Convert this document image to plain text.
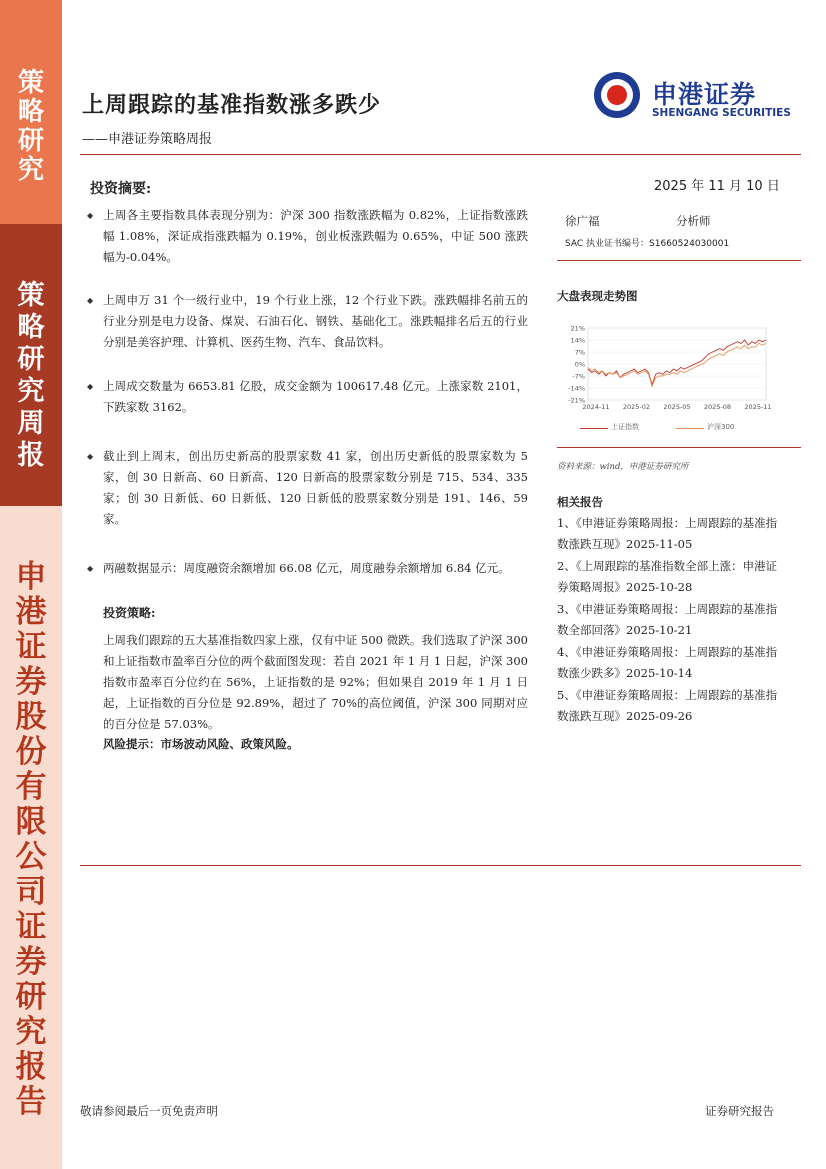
策
略
研
究
策
略
研
究
周
报
申
港
证
券
股
份
有
限
公
司
证
券
研
究
报
告
上周跟踪的基准指数涨多跌少
——申港证券策略周报
申港证券
SHENGANG SECURITIES
投资摘要:	2025 年 11 月 10 日
◆ 上周各主要指数具体表现分别为：沪深 300 指数涨跌幅为 0.82%，上证指数涨跌幅 1.08%，深证成指涨跌幅为 0.19%，创业板涨跌幅为 0.65%，中证 500 涨跌幅为-0.04%。
◆ 上周申万 31 个一级行业中，19 个行业上涨，12 个行业下跌。涨跌幅排名前五的行业分别是电力设备、煤炭、石油石化、钢铁、基础化工。涨跌幅排名后五的行业分别是美容护理、计算机、医药生物、汽车、食品饮料。
◆ 上周成交数量为 6653.81 亿股，成交金额为 100617.48 亿元。上涨家数 2101，下跌家数 3162。
◆ 截止到上周末，创出历史新高的股票家数 41 家，创出历史新低的股票家数为 5 家，创 30 日新高、60 日新高、120 日新高的股票家数分别是 715、534、335 家；创 30 日新低、60 日新低、120 日新低的股票家数分别是 191、146、59 家。
◆ 两融数据显示：周度融资余额增加 66.08 亿元，周度融券余额增加 6.84 亿元。
投资策略:
上周我们跟踪的五大基准指数四家上涨，仅有中证 500 微跌。我们选取了沪深 300 和上证指数市盈率百分位的两个截面图发现：若自 2021 年 1 月 1 日起，沪深 300 指数市盈率百分位约在 56%，上证指数的是 92%；但如果自 2019 年 1 月 1 日起，上证指数的百分位是 92.89%，超过了 70%的高位阈值，沪深 300 同期对应的百分位是 57.03%。
风险提示：市场波动风险、政策风险。
徐广福	分析师
SAC 执业证书编号：S1660524030001
大盘表现走势图
21%
14%
7%
0%
-7%
-14%
-21%
2024-11 2025-02 2025-05 2025-08 2025-11
上证指数	沪深300
资料来源：wind，申港证券研究所
相关报告
1、《申港证券策略周报：上周跟踪的基准指数涨跌互现》2025-11-05
2、《上周跟踪的基准指数全部上涨：申港证券策略周报》2025-10-28
3、《申港证券策略周报：上周跟踪的基准指数全部回落》2025-10-21
4、《申港证券策略周报：上周跟踪的基准指数涨少跌多》2025-10-14
5、《申港证券策略周报：上周跟踪的基准指数涨跌互现》2025-09-26
敬请参阅最后一页免责声明	证券研究报告
